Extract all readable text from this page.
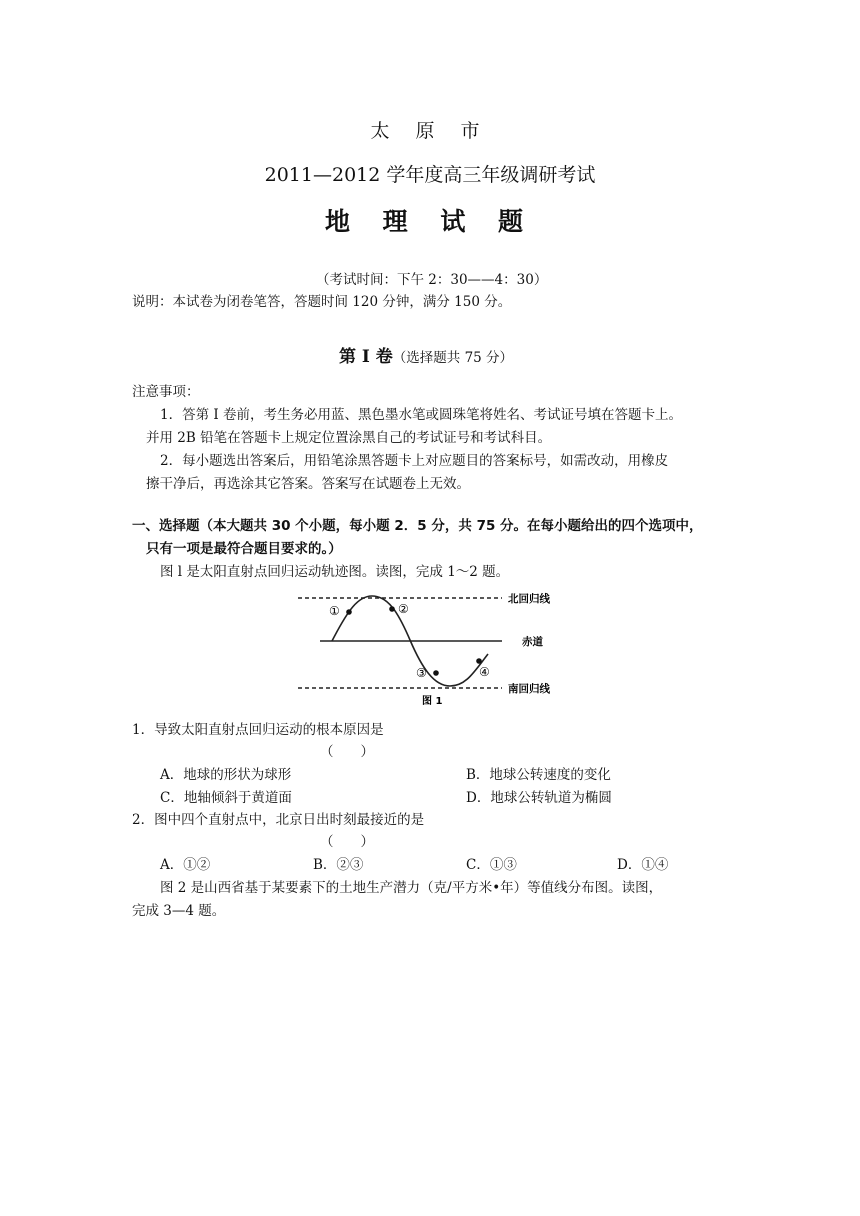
太 原 市
2011—2012 学年度高三年级调研考试
地 理 试 题
（考试时间：下午 2：30——4：30）
说明：本试卷为闭卷笔答，答题时间 120 分钟，满分 150 分。
第 Ⅰ 卷（选择题共 75 分）
注意事项：
1．答第 Ⅰ 卷前，考生务必用蓝、黑色墨水笔或圆珠笔将姓名、考试证号填在答题卡上。
并用 2B 铅笔在答题卡上规定位置涂黑自己的考试证号和考试科目。
2．每小题选出答案后，用铅笔涂黑答题卡上对应题目的答案标号，如需改动，用橡皮
擦干净后，再选涂其它答案。答案写在试题卷上无效。
一、选择题（本大题共 30 个小题，每小题 2．5 分，共 75 分。在每小题给出的四个选项中，
只有一项是最符合题目要求的。）
图 l 是太阳直射点回归运动轨迹图。读图，完成 1～2 题。
①	②
③	④
北回归线
赤道
南回归线
图 1
1．导致太阳直射点回归运动的根本原因是
（　　）
A．地球的形状为球形	B．地球公转速度的变化
C．地轴倾斜于黄道面	D．地球公转轨道为椭圆
2．图中四个直射点中，北京日出时刻最接近的是
（　　）
A．①②	B．②③	C．①③	D．①④
图 2 是山西省基于某要素下的土地生产潜力（克/平方米•年）等值线分布图。读图，
完成 3—4 题。
